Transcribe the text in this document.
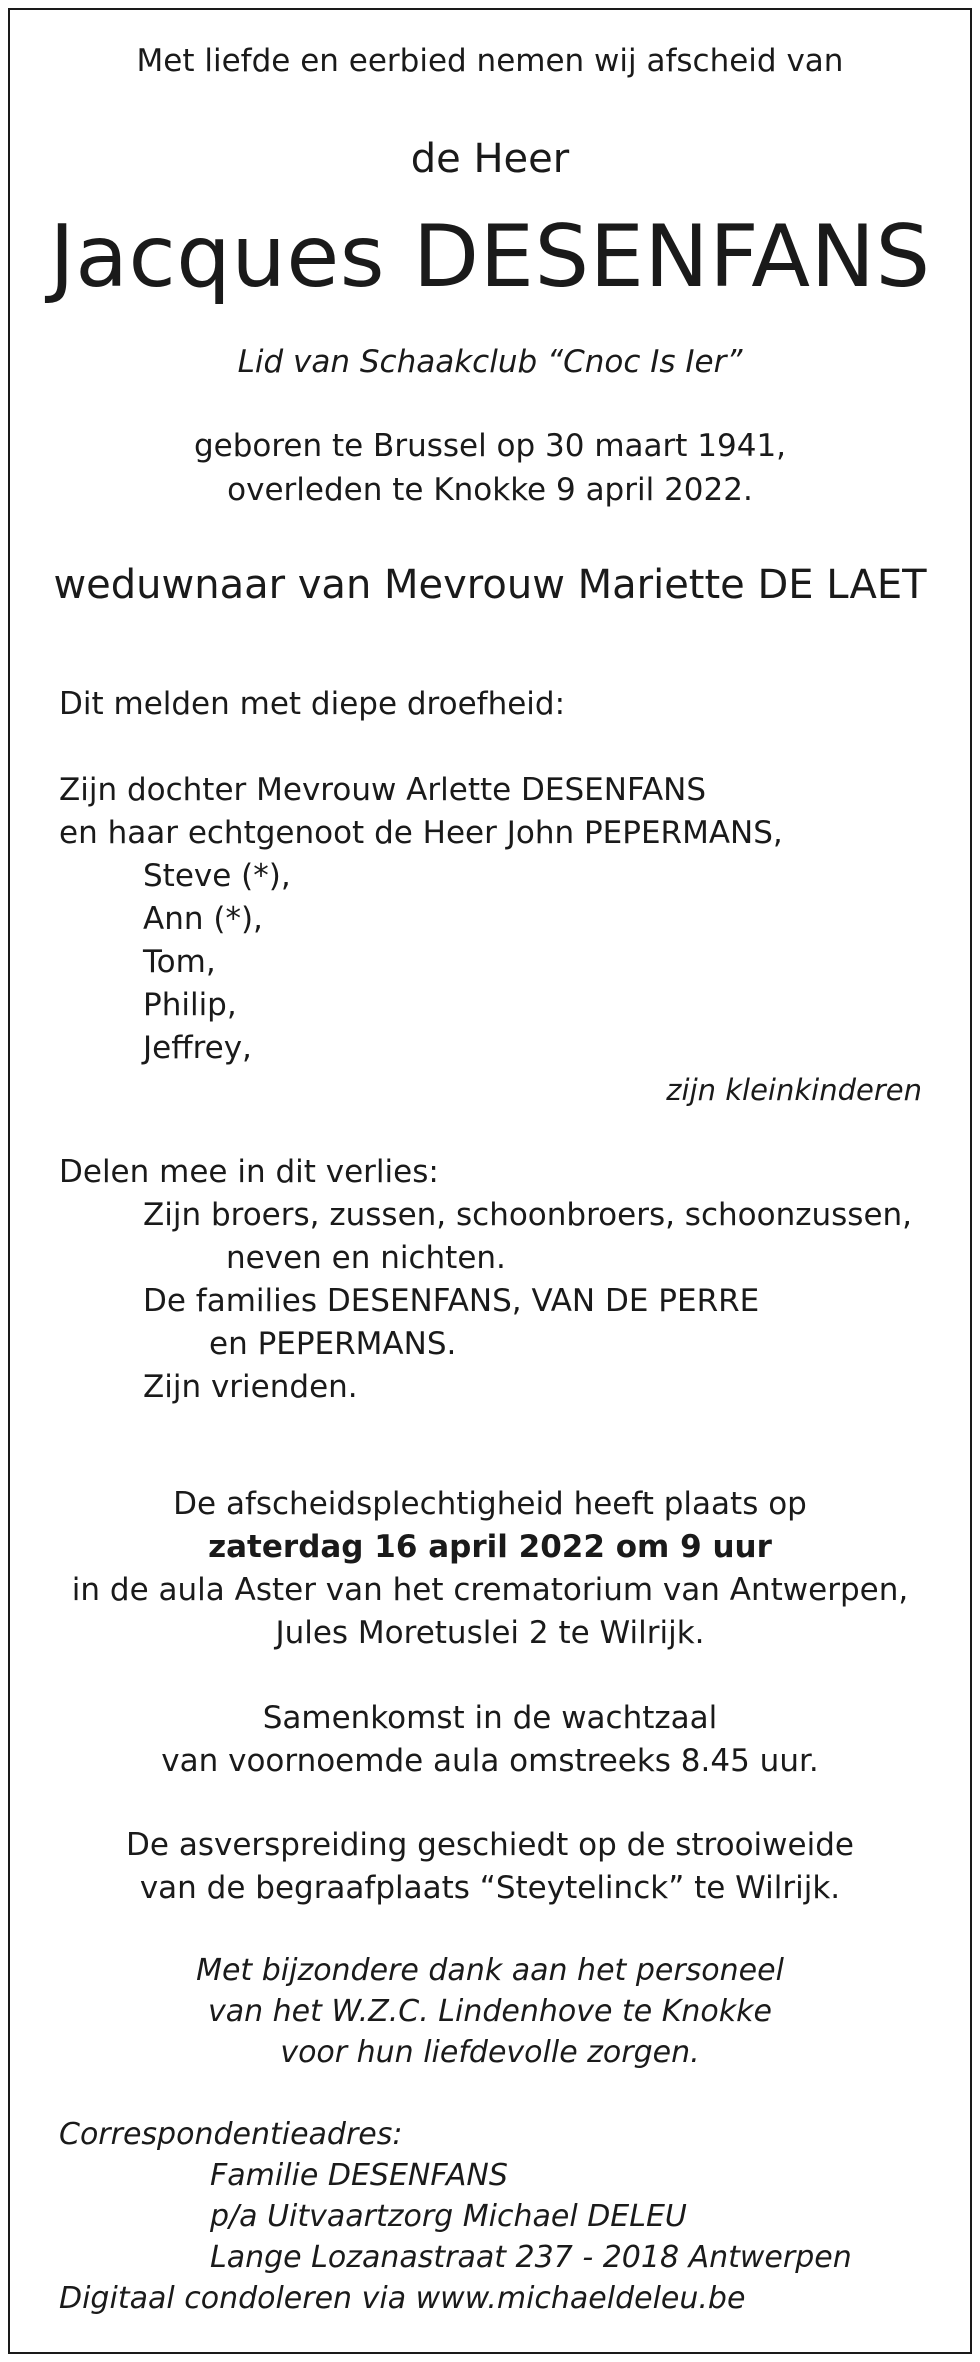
Met liefde en eerbied nemen wij afscheid van

de Heer

Jacques DESENFANS

Lid van Schaakclub “Cnoc Is Ier”

geboren te Brussel op 30 maart 1941,

overleden te Knokke 9 april 2022.

weduwnaar van Mevrouw Mariette DE LAET

Dit melden met diepe droefheid:

Zijn dochter Mevrouw Arlette DESENFANS

en haar echtgenoot de Heer John PEPERMANS,

Steve (*),

Ann (*),

Tom,

Philip,

Jeffrey,

zijn kleinkinderen

Delen mee in dit verlies:

Zijn broers, zussen, schoonbroers, schoonzussen,

neven en nichten.

De families DESENFANS, VAN DE PERRE

en PEPERMANS.

Zijn vrienden.

De afscheidsplechtigheid heeft plaats op

zaterdag 16 april 2022 om 9 uur

in de aula Aster van het crematorium van Antwerpen,

Jules Moretuslei 2 te Wilrijk.

Samenkomst in de wachtzaal

van voornoemde aula omstreeks 8.45 uur.

De asverspreiding geschiedt op de strooiweide

van de begraafplaats “Steytelinck” te Wilrijk.

Met bijzondere dank aan het personeel

van het W.Z.C. Lindenhove te Knokke

voor hun liefdevolle zorgen.

Correspondentieadres:

Familie DESENFANS

p/a Uitvaartzorg Michael DELEU

Lange Lozanastraat 237 - 2018 Antwerpen

Digitaal condoleren via www.michaeldeleu.be
